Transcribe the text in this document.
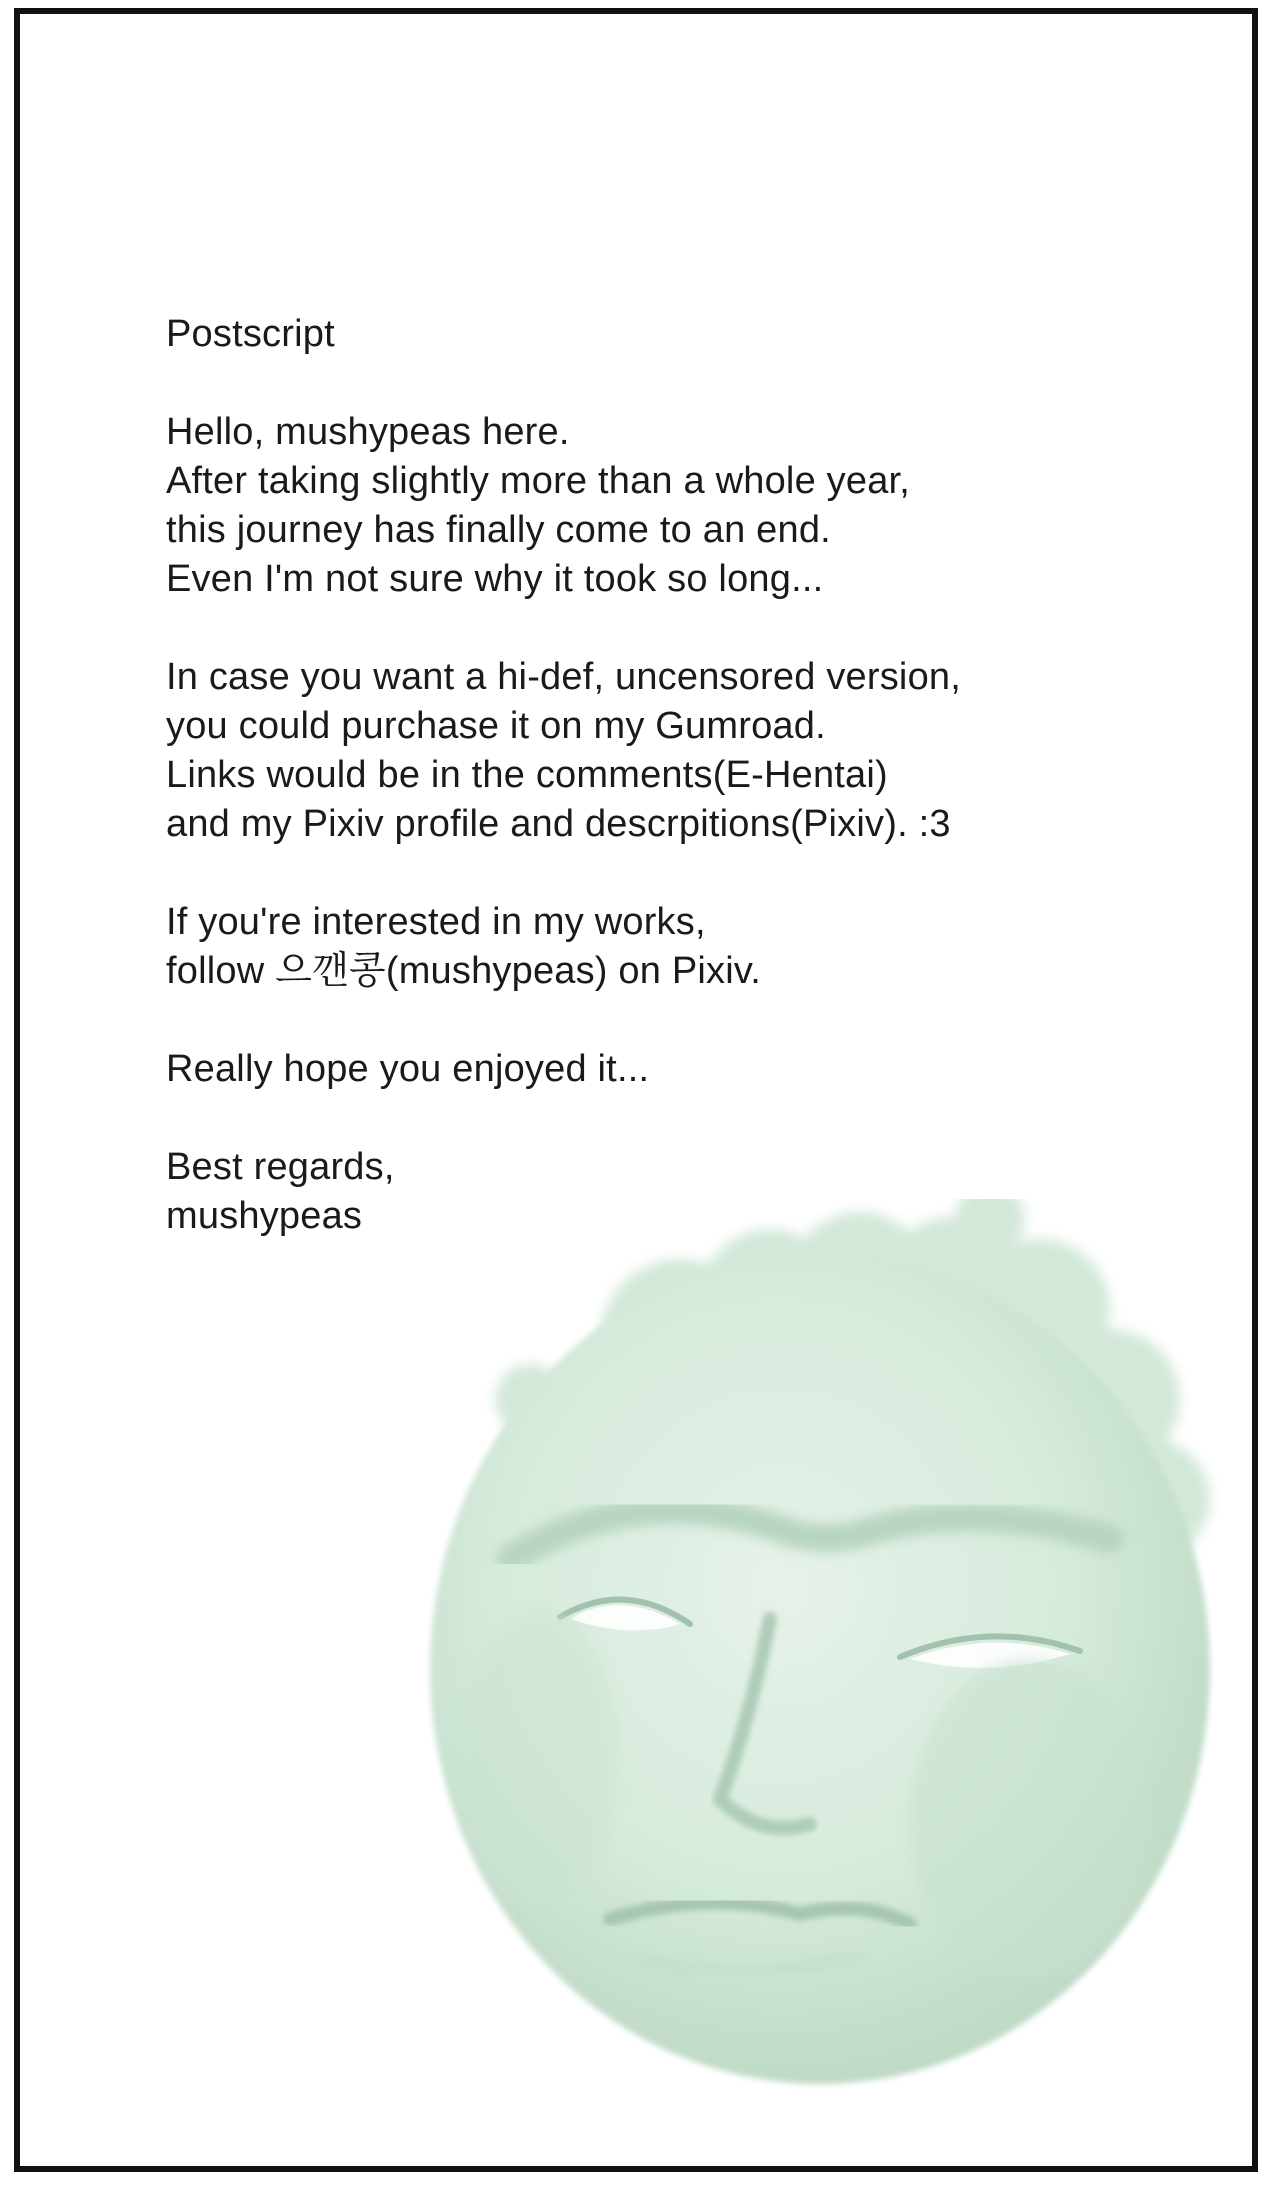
Postscript

Hello, mushypeas here.

After taking slightly more than a whole year,

this journey has finally come to an end.

Even I'm not sure why it took so long...

In case you want a hi-def, uncensored version,

you could purchase it on my Gumroad.

Links would be in the comments(E-Hentai)

and my Pixiv profile and descrpitions(Pixiv). :3

If you're interested in my works,

follow 으깬콩(mushypeas) on Pixiv.

Really hope you enjoyed it...

Best regards,

mushypeas
